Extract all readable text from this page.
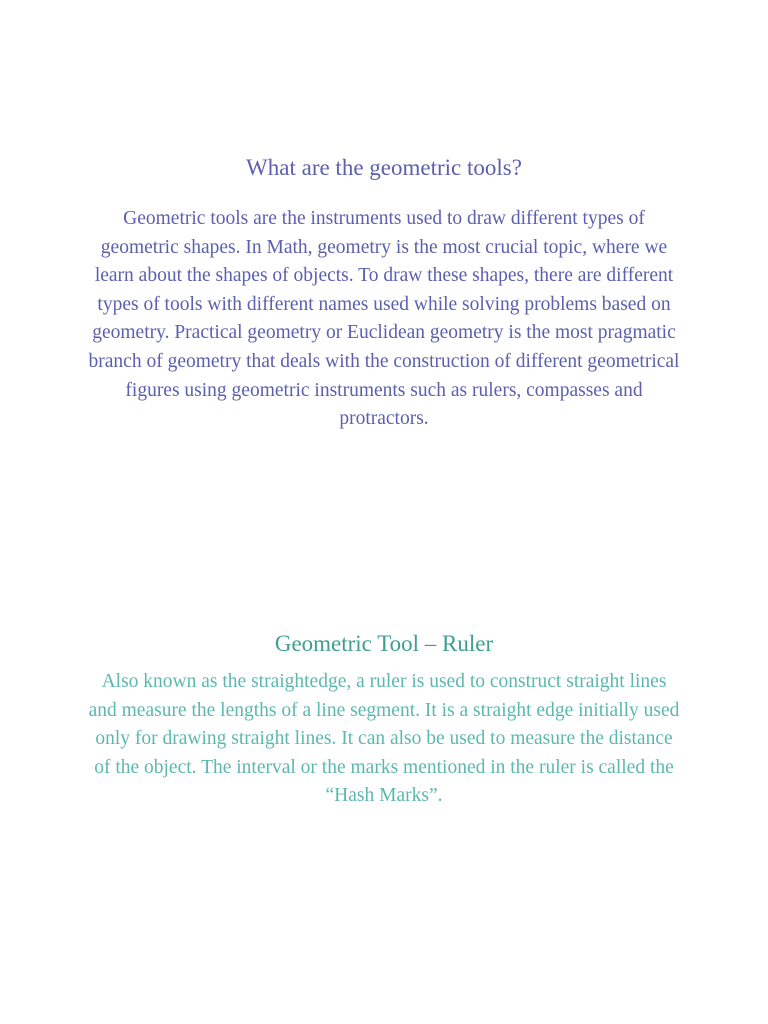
What are the geometric tools?

Geometric tools are the instruments used to draw different types of geometric shapes. In Math, geometry is the most crucial topic, where we learn about the shapes of objects. To draw these shapes, there are different types of tools with different names used while solving problems based on geometry. Practical geometry or Euclidean geometry is the most pragmatic branch of geometry that deals with the construction of different geometrical figures using geometric instruments such as rulers, compasses and protractors.

Geometric Tool – Ruler

Also known as the straightedge, a ruler is used to construct straight lines and measure the lengths of a line segment. It is a straight edge initially used only for drawing straight lines. It can also be used to measure the distance of the object. The interval or the marks mentioned in the ruler is called the “Hash Marks”.
